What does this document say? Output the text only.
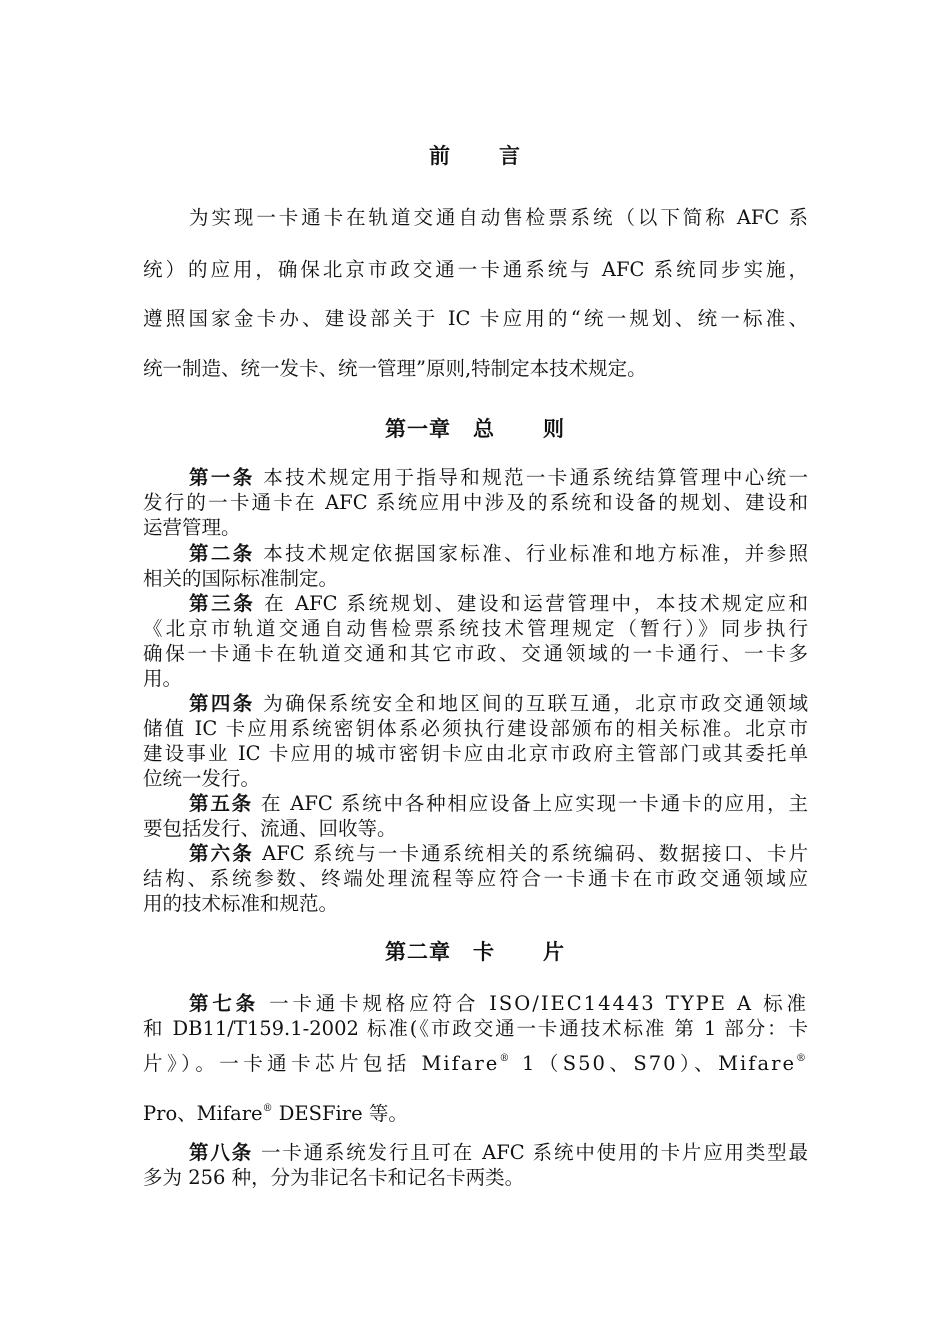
前 言
为实现一卡通卡在轨道交通自动售检票系统（以下简称 AFC 系
统）的应用，确保北京市政交通一卡通系统与 AFC 系统同步实施，
遵照国家金卡办、建设部关于 IC 卡应用的“统一规划、统一标准、
统一制造、统一发卡、统一管理”原则,特制定本技术规定。
第一章 总 则
第一条 本技术规定用于指导和规范一卡通系统结算管理中心统一
发行的一卡通卡在 AFC 系统应用中涉及的系统和设备的规划、建设和
运营管理。
第二条 本技术规定依据国家标准、行业标准和地方标准，并参照
相关的国际标准制定。
第三条 在 AFC 系统规划、建设和运营管理中，本技术规定应和
《北京市轨道交通自动售检票系统技术管理规定（暂行）》同步执行
确保一卡通卡在轨道交通和其它市政、交通领域的一卡通行、一卡多
用。
第四条 为确保系统安全和地区间的互联互通，北京市政交通领域
储值 IC 卡应用系统密钥体系必须执行建设部颁布的相关标准。北京市
建设事业 IC 卡应用的城市密钥卡应由北京市政府主管部门或其委托单
位统一发行。
第五条 在 AFC 系统中各种相应设备上应实现一卡通卡的应用，主
要包括发行、流通、回收等。
第六条 AFC 系统与一卡通系统相关的系统编码、数据接口、卡片
结构、系统参数、终端处理流程等应符合一卡通卡在市政交通领域应
用的技术标准和规范。
第二章 卡 片
第七条 一卡通卡规格应符合 ISO/IEC14443 TYPE A 标准
和 DB11/T159.1-2002 标准(《市政交通一卡通技术标准 第 1 部分：卡
片》）。一卡通卡芯片包括 Mifare® 1（S50、S70）、Mifare®
Pro、Mifare® DESFire 等。
第八条 一卡通系统发行且可在 AFC 系统中使用的卡片应用类型最
多为 256 种，分为非记名卡和记名卡两类。
